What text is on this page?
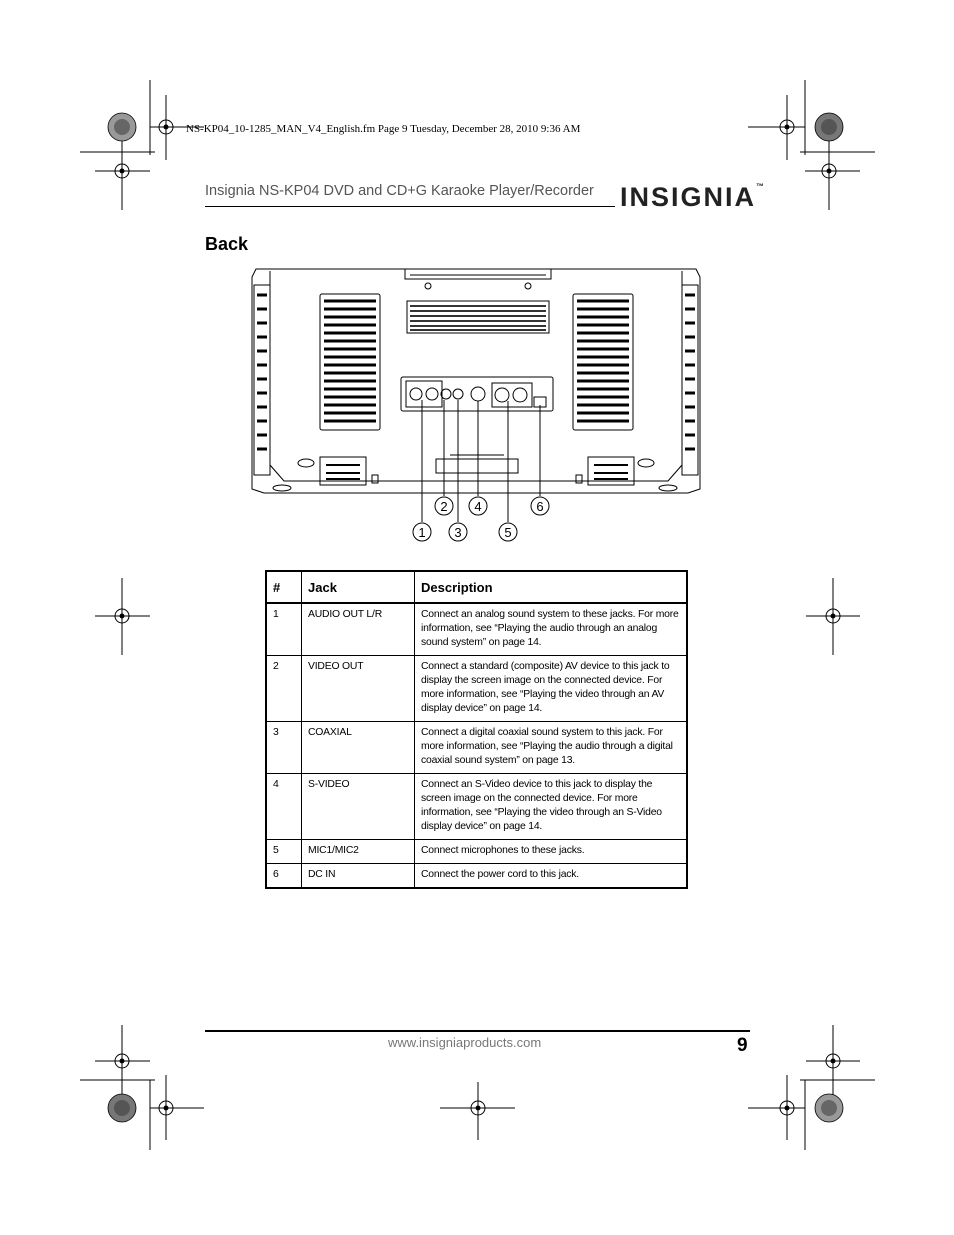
NS-KP04_10-1285_MAN_V4_English.fm Page 9 Tuesday, December 28, 2010 9:36 AM
Insignia NS-KP04 DVD and CD+G Karaoke Player/Recorder INSIGNIA™
Back
1
2
3
4
5
6
#	Jack	Description
1	AUDIO OUT L/R	Connect an analog sound system to these jacks. For more information, see “Playing the audio through an analog sound system” on page 14.
2	VIDEO OUT	Connect a standard (composite) AV device to this jack to display the screen image on the connected device. For more information, see “Playing the video through an AV display device” on page 14.
3	COAXIAL	Connect a digital coaxial sound system to this jack. For more information, see “Playing the audio through a digital coaxial sound system” on page 13.
4	S-VIDEO	Connect an S-Video device to this jack to display the screen image on the connected device. For more information, see “Playing the video through an S-Video display device” on page 14.
5	MIC1/MIC2	Connect microphones to these jacks.
6	DC IN	Connect the power cord to this jack.
www.insigniaproducts.com	9
